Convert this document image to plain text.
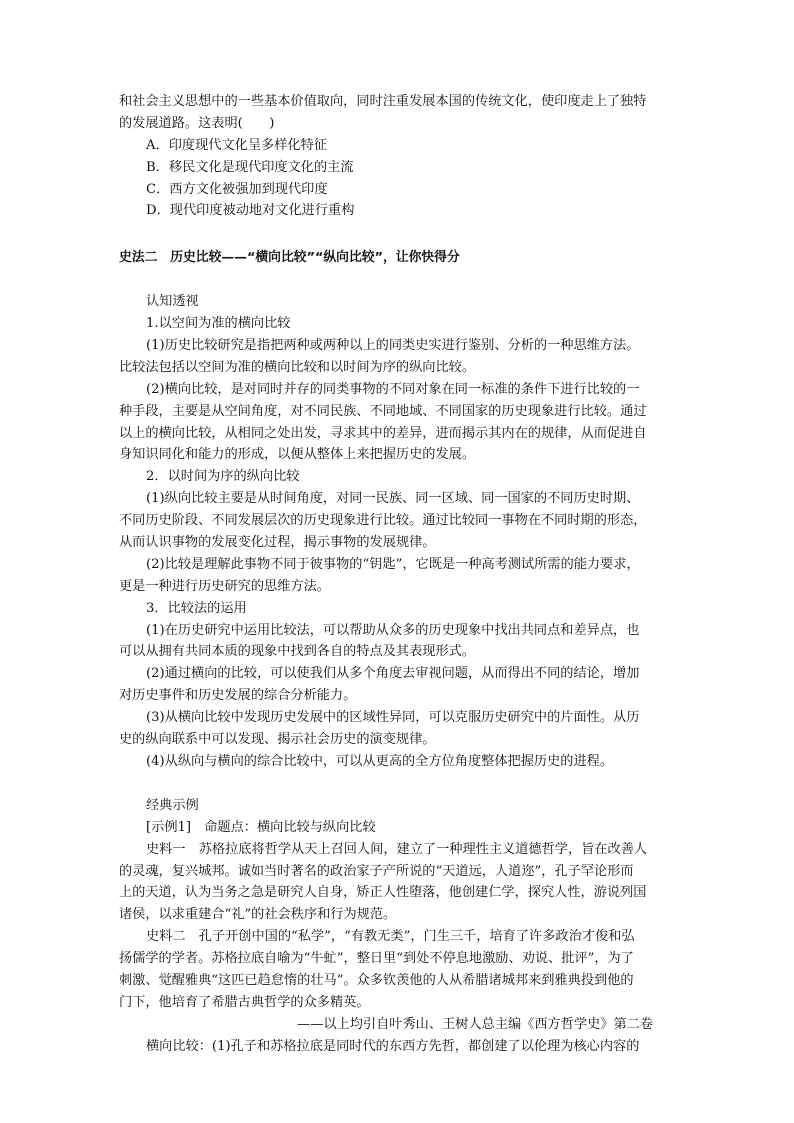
和社会主义思想中的一些基本价值取向，同时注重发展本国的传统文化，使印度走上了独特
的发展道路。这表明(　　)
A．印度现代文化呈多样化特征
B．移民文化是现代印度文化的主流
C．西方文化被强加到现代印度
D．现代印度被动地对文化进行重构
史法二　历史比较——“横向比较”“纵向比较”，让你快得分
认知透视
1.以空间为准的横向比较
(1)历史比较研究是指把两种或两种以上的同类史实进行鉴别、分析的一种思维方法。
比较法包括以空间为准的横向比较和以时间为序的纵向比较。
(2)横向比较，是对同时并存的同类事物的不同对象在同一标准的条件下进行比较的一
种手段，主要是从空间角度，对不同民族、不同地域、不同国家的历史现象进行比较。通过
以上的横向比较，从相同之处出发，寻求其中的差异，进而揭示其内在的规律，从而促进自
身知识同化和能力的形成，以便从整体上来把握历史的发展。
2．以时间为序的纵向比较
(1)纵向比较主要是从时间角度，对同一民族、同一区域、同一国家的不同历史时期、
不同历史阶段、不同发展层次的历史现象进行比较。通过比较同一事物在不同时期的形态，
从而认识事物的发展变化过程，揭示事物的发展规律。
(2)比较是理解此事物不同于彼事物的“钥匙”，它既是一种高考测试所需的能力要求，
更是一种进行历史研究的思维方法。
3．比较法的运用
(1)在历史研究中运用比较法，可以帮助从众多的历史现象中找出共同点和差异点，也
可以从拥有共同本质的现象中找到各自的特点及其表现形式。
(2)通过横向的比较，可以使我们从多个角度去审视问题，从而得出不同的结论，增加
对历史事件和历史发展的综合分析能力。
(3)从横向比较中发现历史发展中的区域性异同，可以克服历史研究中的片面性。从历
史的纵向联系中可以发现、揭示社会历史的演变规律。
(4)从纵向与横向的综合比较中，可以从更高的全方位角度整体把握历史的进程。
经典示例
[示例1]　命题点：横向比较与纵向比较
史料一　苏格拉底将哲学从天上召回人间，建立了一种理性主义道德哲学，旨在改善人
的灵魂，复兴城邦。诚如当时著名的政治家子产所说的“天道远，人道迩”，孔子罕论形而
上的天道，认为当务之急是研究人自身，矫正人性堕落，他创建仁学，探究人性，游说列国
诸侯，以求重建合“礼”的社会秩序和行为规范。
史料二　孔子开创中国的“私学”，“有教无类”，门生三千，培育了许多政治才俊和弘
扬儒学的学者。苏格拉底自喻为“牛虻”，整日里“到处不停息地激励、劝说、批评”，为了
刺激、觉醒雅典“这匹已趋怠惰的壮马”。众多钦羡他的人从希腊诸城邦来到雅典投到他的
门下，他培育了希腊古典哲学的众多精英。
——以上均引自叶秀山、王树人总主编《西方哲学史》第二卷
横向比较：(1)孔子和苏格拉底是同时代的东西方先哲，都创建了以伦理为核心内容的
